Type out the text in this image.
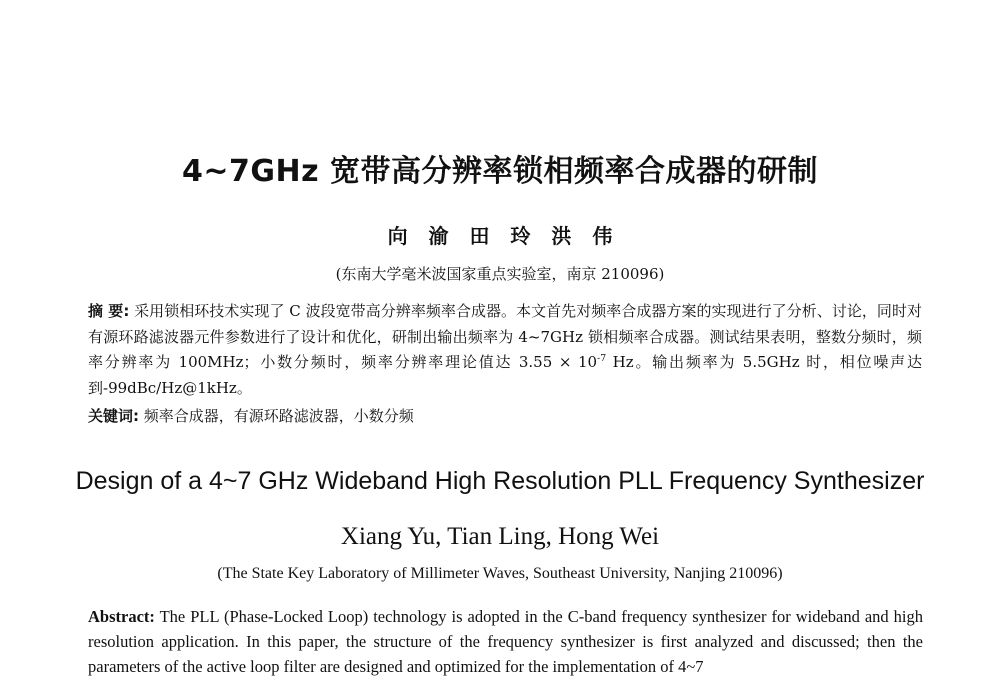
4~7GHz 宽带高分辨率锁相频率合成器的研制
向 渝 田 玲 洪 伟
(东南大学毫米波国家重点实验室，南京 210096)
摘 要: 采用锁相环技术实现了 C 波段宽带高分辨率频率合成器。本文首先对频率合成器方案的实现进行了分析、讨论，同时对有源环路滤波器元件参数进行了设计和优化，研制出输出频率为 4~7GHz 锁相频率合成器。测试结果表明，整数分频时，频率分辨率为 100MHz；小数分频时，频率分辨率理论值达 $3.55 \times 10^{-7}$ Hz。输出频率为 5.5GHz 时，相位噪声达到-99dBc/Hz@1kHz。
关键词: 频率合成器，有源环路滤波器，小数分频
Design of a 4~7 GHz Wideband High Resolution PLL Frequency Synthesizer
Xiang Yu, Tian Ling, Hong Wei
(The State Key Laboratory of Millimeter Waves, Southeast University, Nanjing 210096)
Abstract: The PLL (Phase-Locked Loop) technology is adopted in the C-band frequency synthesizer for wideband and high resolution application. In this paper, the structure of the frequency synthesizer is first analyzed and discussed; then the parameters of the active loop filter are designed and optimized for the implementation of 4~7
